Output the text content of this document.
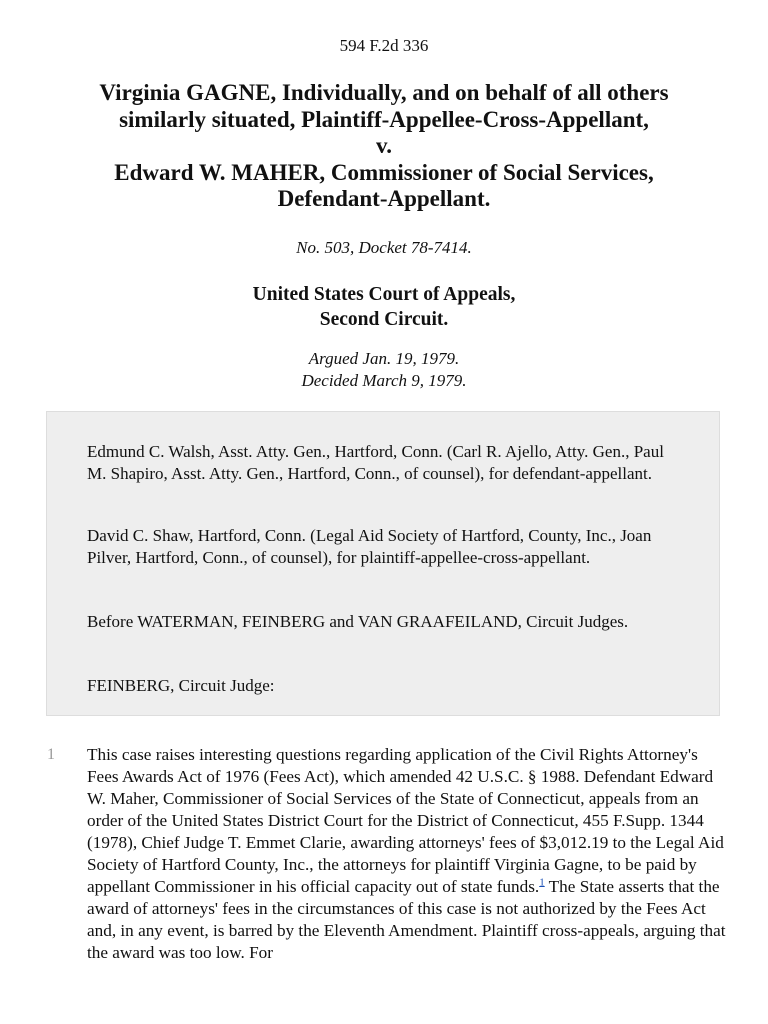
594 F.2d 336
Virginia GAGNE, Individually, and on behalf of all others
similarly situated, Plaintiff-Appellee-Cross-Appellant,
v.
Edward W. MAHER, Commissioner of Social Services,
Defendant-Appellant.
No. 503, Docket 78-7414.
United States Court of Appeals,
Second Circuit.
Argued Jan. 19, 1979.
Decided March 9, 1979.

Edmund C. Walsh, Asst. Atty. Gen., Hartford, Conn. (Carl R. Ajello, Atty. Gen., Paul M. Shapiro, Asst. Atty. Gen., Hartford, Conn., of counsel), for defendant-appellant.

David C. Shaw, Hartford, Conn. (Legal Aid Society of Hartford, County, Inc., Joan Pilver, Hartford, Conn., of counsel), for plaintiff-appellee-cross-appellant.

Before WATERMAN, FEINBERG and VAN GRAAFEILAND, Circuit Judges.

FEINBERG, Circuit Judge:

1 This case raises interesting questions regarding application of the Civil Rights Attorney's Fees Awards Act of 1976 (Fees Act), which amended 42 U.S.C. § 1988. Defendant Edward W. Maher, Commissioner of Social Services of the State of Connecticut, appeals from an order of the United States District Court for the District of Connecticut, 455 F.Supp. 1344 (1978), Chief Judge T. Emmet Clarie, awarding attorneys' fees of $3,012.19 to the Legal Aid Society of Hartford County, Inc., the attorneys for plaintiff Virginia Gagne, to be paid by appellant Commissioner in his official capacity out of state funds.$^1$ The State asserts that the award of attorneys' fees in the circumstances of this case is not authorized by the Fees Act and, in any event, is barred by the Eleventh Amendment. Plaintiff cross-appeals, arguing that the award was too low. For
